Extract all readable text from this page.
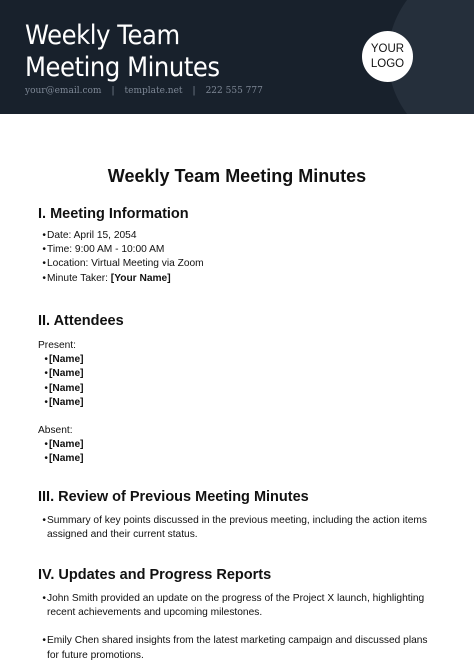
Weekly Team
Meeting Minutes
your@email.com | template.net | 222 555 777
YOUR
LOGO
Weekly Team Meeting Minutes
I. Meeting Information
• Date: April 15, 2054
• Time: 9:00 AM - 10:00 AM
• Location: Virtual Meeting via Zoom
• Minute Taker: [Your Name]
II. Attendees
Present:
• [Name]
• [Name]
• [Name]
• [Name]
Absent:
• [Name]
• [Name]
III. Review of Previous Meeting Minutes
• Summary of key points discussed in the previous meeting, including the action items
assigned and their current status.
IV. Updates and Progress Reports
• John Smith provided an update on the progress of the Project X launch, highlighting
recent achievements and upcoming milestones.
• Emily Chen shared insights from the latest marketing campaign and discussed plans
for future promotions.
